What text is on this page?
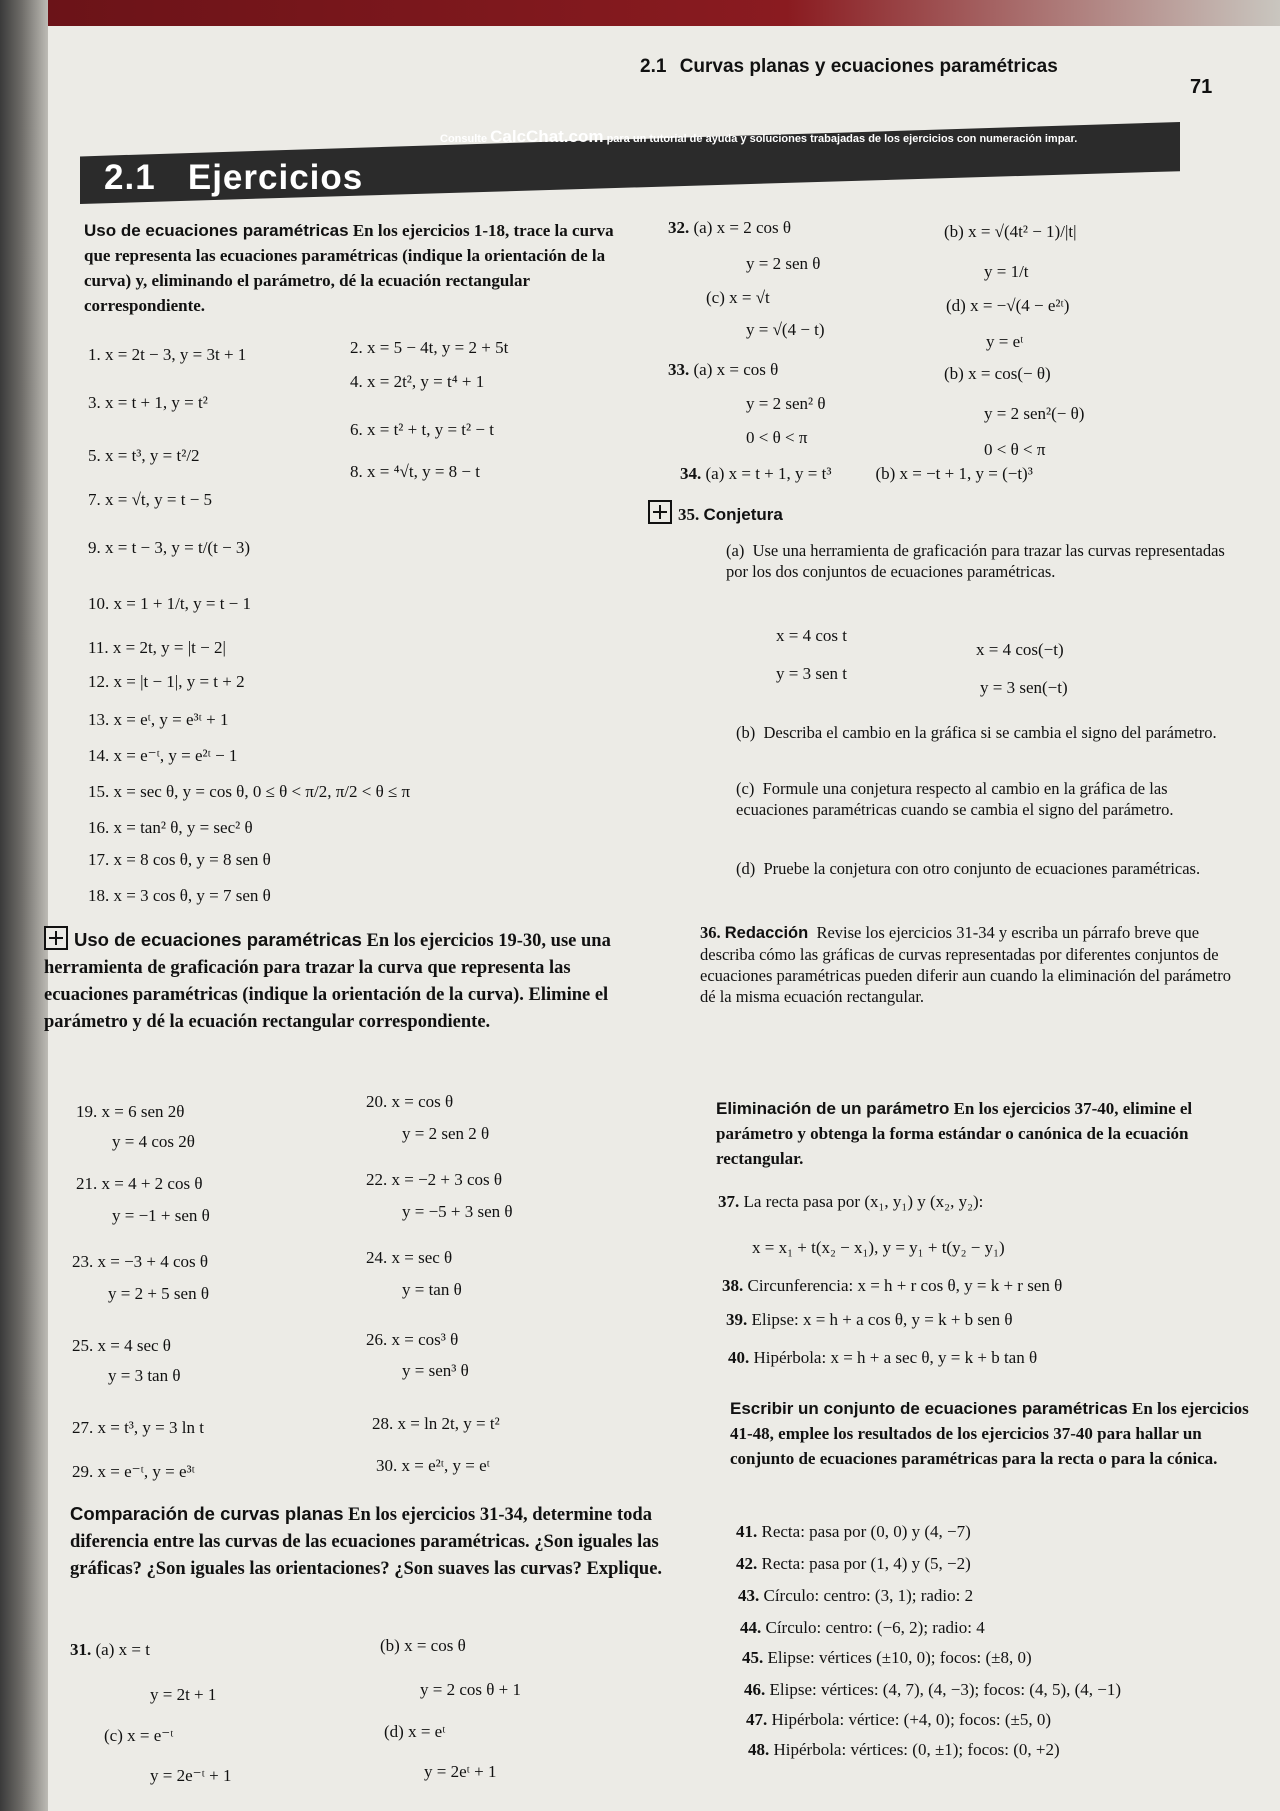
2.1 Curvas planas y ecuaciones paramétricas
71
2.1 Ejercicios
Consulte CalcChat.com para un tutorial de ayuda y soluciones trabajadas de los ejercicios con numeración impar.
Uso de ecuaciones paramétricas En los ejercicios 1-18, trace la curva que representa las ecuaciones paramétricas (indique la orientación de la curva) y, eliminando el parámetro, dé la ecuación rectangular correspondiente.
1. x = 2t − 3, y = 3t + 1	2. x = 5 − 4t, y = 2 + 5t
3. x = t + 1, y = t²
4. x = 2t², y = t⁴ + 1
5. x = t³, y = t²/2
6. x = t² + t, y = t² − t
7. x = √t, y = t − 5
8. x = ⁴√t, y = 8 − t
9. x = t − 3, y = t/(t − 3)
10. x = 1 + 1/t, y = t − 1
11. x = 2t, y = |t − 2|
12. x = |t − 1|, y = t + 2
13. x = eᵗ, y = e³ᵗ + 1
14. x = e⁻ᵗ, y = e²ᵗ − 1
15. x = sec θ, y = cos θ, 0 ≤ θ < π/2, π/2 < θ ≤ π
16. x = tan² θ, y = sec² θ
17. x = 8 cos θ, y = 8 sen θ
18. x = 3 cos θ, y = 7 sen θ
Uso de ecuaciones paramétricas En los ejercicios 19-30, use una herramienta de graficación para trazar la curva que representa las ecuaciones paramétricas (indique la orientación de la curva). Elimine el parámetro y dé la ecuación rectangular correspondiente.
19. x = 6 sen 2θ
y = 4 cos 2θ
20. x = cos θ
y = 2 sen 2 θ
21. x = 4 + 2 cos θ
y = −1 + sen θ
22. x = −2 + 3 cos θ
y = −5 + 3 sen θ
23. x = −3 + 4 cos θ
y = 2 + 5 sen θ
24. x = sec θ
y = tan θ
25. x = 4 sec θ
y = 3 tan θ
26. x = cos³ θ
y = sen³ θ
27. x = t³, y = 3 ln t	28. x = ln 2t, y = t²
29. x = e⁻ᵗ, y = e³ᵗ	30. x = e²ᵗ, y = eᵗ
Comparación de curvas planas En los ejercicios 31-34, determine toda diferencia entre las curvas de las ecuaciones paramétricas. ¿Son iguales las gráficas? ¿Son iguales las orientaciones? ¿Son suaves las curvas? Explique.
31. (a) x = t
y = 2t + 1
(b) x = cos θ
y = 2 cos θ + 1
(c) x = e⁻ᵗ
y = 2e⁻ᵗ + 1
(d) x = eᵗ
y = 2eᵗ + 1
32. (a) x = 2 cos θ
y = 2 sen θ
(b) x = √(4t² − 1)/|t|
y = 1/t
(c) x = √t
y = √(4 − t)
(d) x = −√(4 − e²ᵗ)
y = eᵗ
33. (a) x = cos θ
y = 2 sen² θ
0 < θ < π
(b) x = cos(− θ)
y = 2 sen²(− θ)
0 < θ < π
34. (a) x = t + 1, y = t³	(b) x = −t + 1, y = (−t)³
35. Conjetura
(a) Use una herramienta de graficación para trazar las curvas representadas por los dos conjuntos de ecuaciones paramétricas.
x = 4 cos t
y = 3 sen t
x = 4 cos(−t)
y = 3 sen(−t)
(b) Describa el cambio en la gráfica si se cambia el signo del parámetro.
(c) Formule una conjetura respecto al cambio en la gráfica de las ecuaciones paramétricas cuando se cambia el signo del parámetro.
(d) Pruebe la conjetura con otro conjunto de ecuaciones paramétricas.
36. Redacción Revise los ejercicios 31-34 y escriba un párrafo breve que describa cómo las gráficas de curvas representadas por diferentes conjuntos de ecuaciones paramétricas pueden diferir aun cuando la eliminación del parámetro dé la misma ecuación rectangular.
Eliminación de un parámetro En los ejercicios 37-40, elimine el parámetro y obtenga la forma estándar o canónica de la ecuación rectangular.
37. La recta pasa por (x₁, y₁) y (x₂, y₂):
x = x₁ + t(x₂ − x₁), y = y₁ + t(y₂ − y₁)
38. Circunferencia: x = h + r cos θ, y = k + r sen θ
39. Elipse: x = h + a cos θ, y = k + b sen θ
40. Hipérbola: x = h + a sec θ, y = k + b tan θ
Escribir un conjunto de ecuaciones paramétricas En los ejercicios 41-48, emplee los resultados de los ejercicios 37-40 para hallar un conjunto de ecuaciones paramétricas para la recta o para la cónica.
41. Recta: pasa por (0, 0) y (4, −7)
42. Recta: pasa por (1, 4) y (5, −2)
43. Círculo: centro: (3, 1); radio: 2
44. Círculo: centro: (−6, 2); radio: 4
45. Elipse: vértices (±10, 0); focos: (±8, 0)
46. Elipse: vértices: (4, 7), (4, −3); focos: (4, 5), (4, −1)
47. Hipérbola: vértice: (+4, 0); focos: (±5, 0)
48. Hipérbola: vértices: (0, ±1); focos: (0, +2)
